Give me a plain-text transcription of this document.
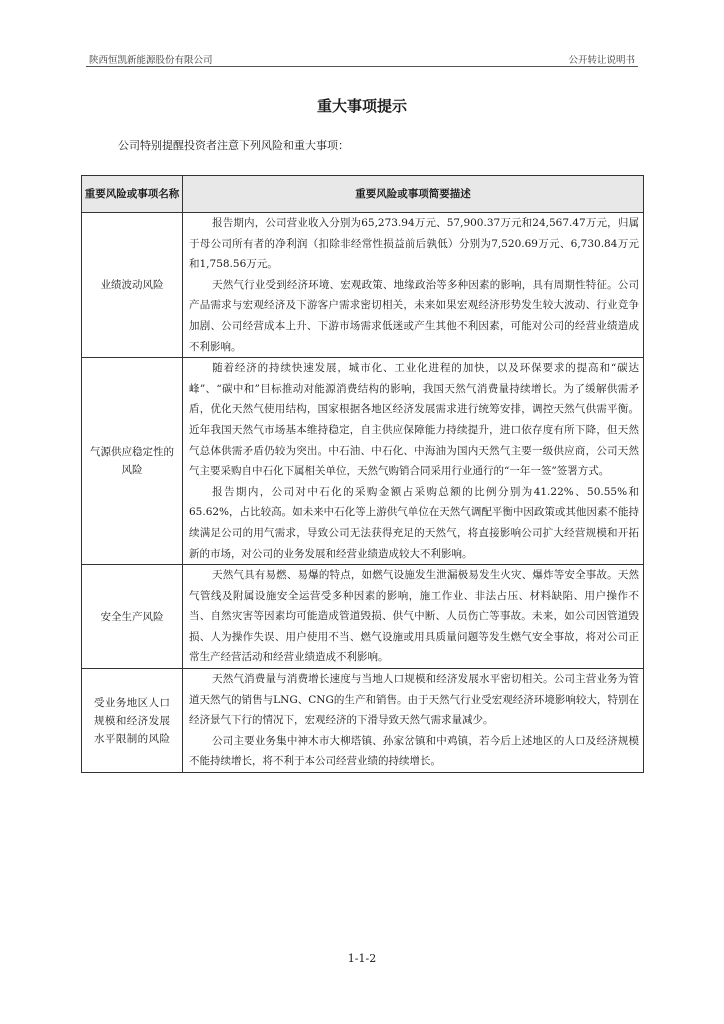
陕西恒凯新能源股份有限公司	公开转让说明书
重大事项提示
公司特别提醒投资者注意下列风险和重大事项：
重要风险或事项名称	重要风险或事项简要描述
业绩波动风险	报告期内，公司营业收入分别为65,273.94万元、57,900.37万元和24,567.47万元，归属于母公司所有者的净利润（扣除非经常性损益前后孰低）分别为7,520.69万元、6,730.84万元和1,758.56万元。

天然气行业受到经济环境、宏观政策、地缘政治等多种因素的影响，具有周期性特征。公司产品需求与宏观经济及下游客户需求密切相关，未来如果宏观经济形势发生较大波动、行业竞争加剧、公司经营成本上升、下游市场需求低迷或产生其他不利因素，可能对公司的经营业绩造成不利影响。

气源供应稳定性的风险	随着经济的持续快速发展，城市化、工业化进程的加快，以及环保要求的提高和“碳达峰”、“碳中和”目标推动对能源消费结构的影响，我国天然气消费量持续增长。为了缓解供需矛盾，优化天然气使用结构，国家根据各地区经济发展需求进行统筹安排，调控天然气供需平衡。近年我国天然气市场基本维持稳定，自主供应保障能力持续提升，进口依存度有所下降，但天然气总体供需矛盾仍较为突出。中石油、中石化、中海油为国内天然气主要一级供应商，公司天然气主要采购自中石化下属相关单位，天然气购销合同采用行业通行的“一年一签”签署方式。

报告期内，公司对中石化的采购金额占采购总额的比例分别为41.22%、50.55%和65.62%，占比较高。如未来中石化等上游供气单位在天然气调配平衡中因政策或其他因素不能持续满足公司的用气需求，导致公司无法获得充足的天然气，将直接影响公司扩大经营规模和开拓新的市场，对公司的业务发展和经营业绩造成较大不利影响。

安全生产风险	天然气具有易燃、易爆的特点，如燃气设施发生泄漏极易发生火灾、爆炸等安全事故。天然气管线及附属设施安全运营受多种因素的影响，施工作业、非法占压、材料缺陷、用户操作不当、自然灾害等因素均可能造成管道毁损、供气中断、人员伤亡等事故。未来，如公司因管道毁损、人为操作失误、用户使用不当、燃气设施或用具质量问题等发生燃气安全事故，将对公司正常生产经营活动和经营业绩造成不利影响。

受业务地区人口规模和经济发展水平限制的风险	天然气消费量与消费增长速度与当地人口规模和经济发展水平密切相关。公司主营业务为管道天然气的销售与LNG、CNG的生产和销售。由于天然气行业受宏观经济环境影响较大，特别在经济景气下行的情况下，宏观经济的下滑导致天然气需求量减少。

公司主要业务集中神木市大柳塔镇、孙家岔镇和中鸡镇，若今后上述地区的人口及经济规模不能持续增长，将不利于本公司经营业绩的持续增长。

1-1-2
